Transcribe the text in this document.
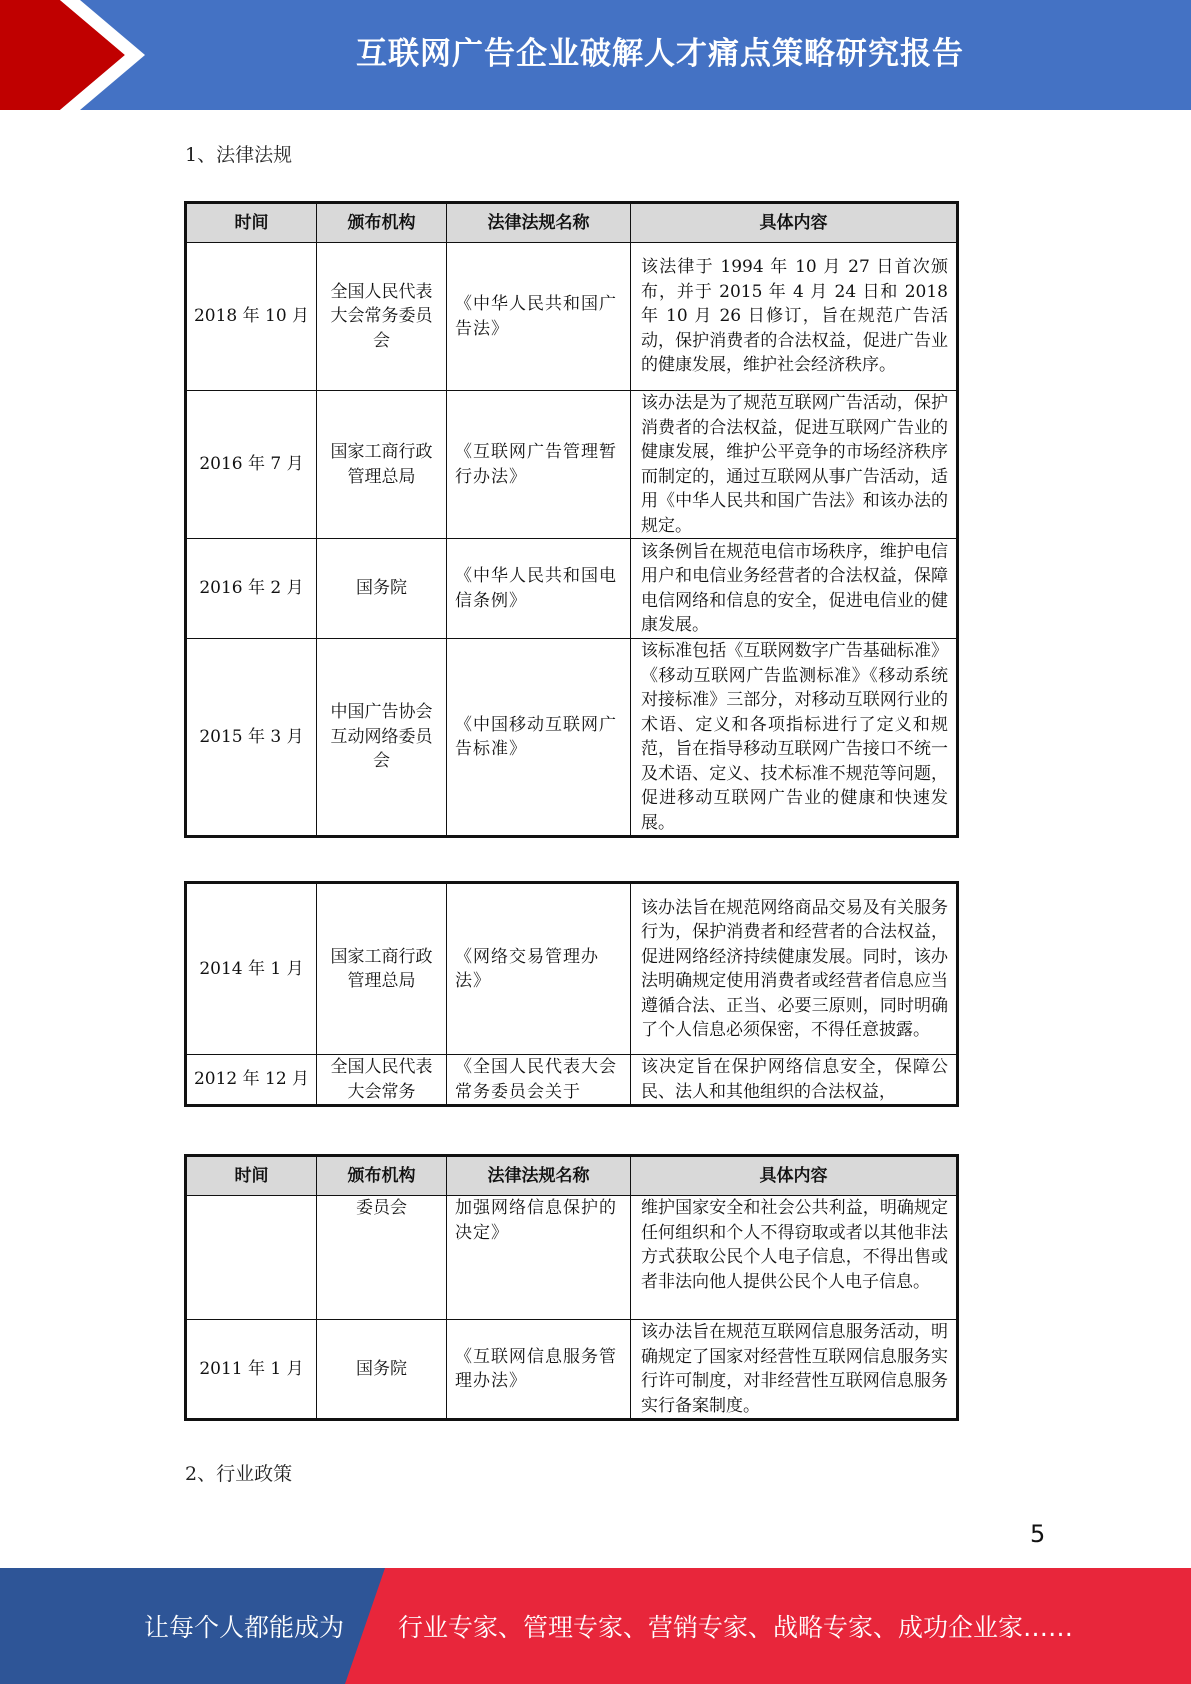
互联网广告企业破解人才痛点策略研究报告
1、法律法规
时间	颁布机构	法律法规名称	具体内容
2018 年 10 月	全国人民代表大会常务委员会	《中华人民共和国广告法》	该法律于 1994 年 10 月 27 日首次颁布，并于 2015 年 4 月 24 日和 2018 年 10 月 26 日修订，旨在规范广告活动，保护消费者的合法权益，促进广告业的健康发展，维护社会经济秩序。
2016 年 7 月	国家工商行政管理总局	《互联网广告管理暂行办法》	该办法是为了规范互联网广告活动，保护消费者的合法权益，促进互联网广告业的健康发展，维护公平竞争的市场经济秩序而制定的，通过互联网从事广告活动，适用《中华人民共和国广告法》和该办法的规定。
2016 年 2 月	国务院	《中华人民共和国电信条例》	该条例旨在规范电信市场秩序，维护电信用户和电信业务经营者的合法权益，保障电信网络和信息的安全，促进电信业的健康发展。
2015 年 3 月	中国广告协会互动网络委员会	《中国移动互联网广告标准》	该标准包括《互联网数字广告基础标准》《移动互联网广告监测标准》《移动系统对接标准》三部分，对移动互联网行业的术语、定义和各项指标进行了定义和规范，旨在指导移动互联网广告接口不统一及术语、定义、技术标准不规范等问题，促进移动互联网广告业的健康和快速发展。
2014 年 1 月	国家工商行政管理总局	《网络交易管理办法》	该办法旨在规范网络商品交易及有关服务行为，保护消费者和经营者的合法权益，促进网络经济持续健康发展。同时，该办法明确规定使用消费者或经营者信息应当遵循合法、正当、必要三原则，同时明确了个人信息必须保密，不得任意披露。
2012 年 12 月	全国人民代表大会常务	《全国人民代表大会常务委员会关于	该决定旨在保护网络信息安全，保障公民、法人和其他组织的合法权益，
时间	颁布机构	法律法规名称	具体内容
	委员会	加强网络信息保护的决定》	维护国家安全和社会公共利益，明确规定任何组织和个人不得窃取或者以其他非法方式获取公民个人电子信息，不得出售或者非法向他人提供公民个人电子信息。
2011 年 1 月	国务院	《互联网信息服务管理办法》	该办法旨在规范互联网信息服务活动，明确规定了国家对经营性互联网信息服务实行许可制度，对非经营性互联网信息服务实行备案制度。
2、行业政策
5
让每个人都能成为 行业专家、管理专家、营销专家、战略专家、成功企业家……
